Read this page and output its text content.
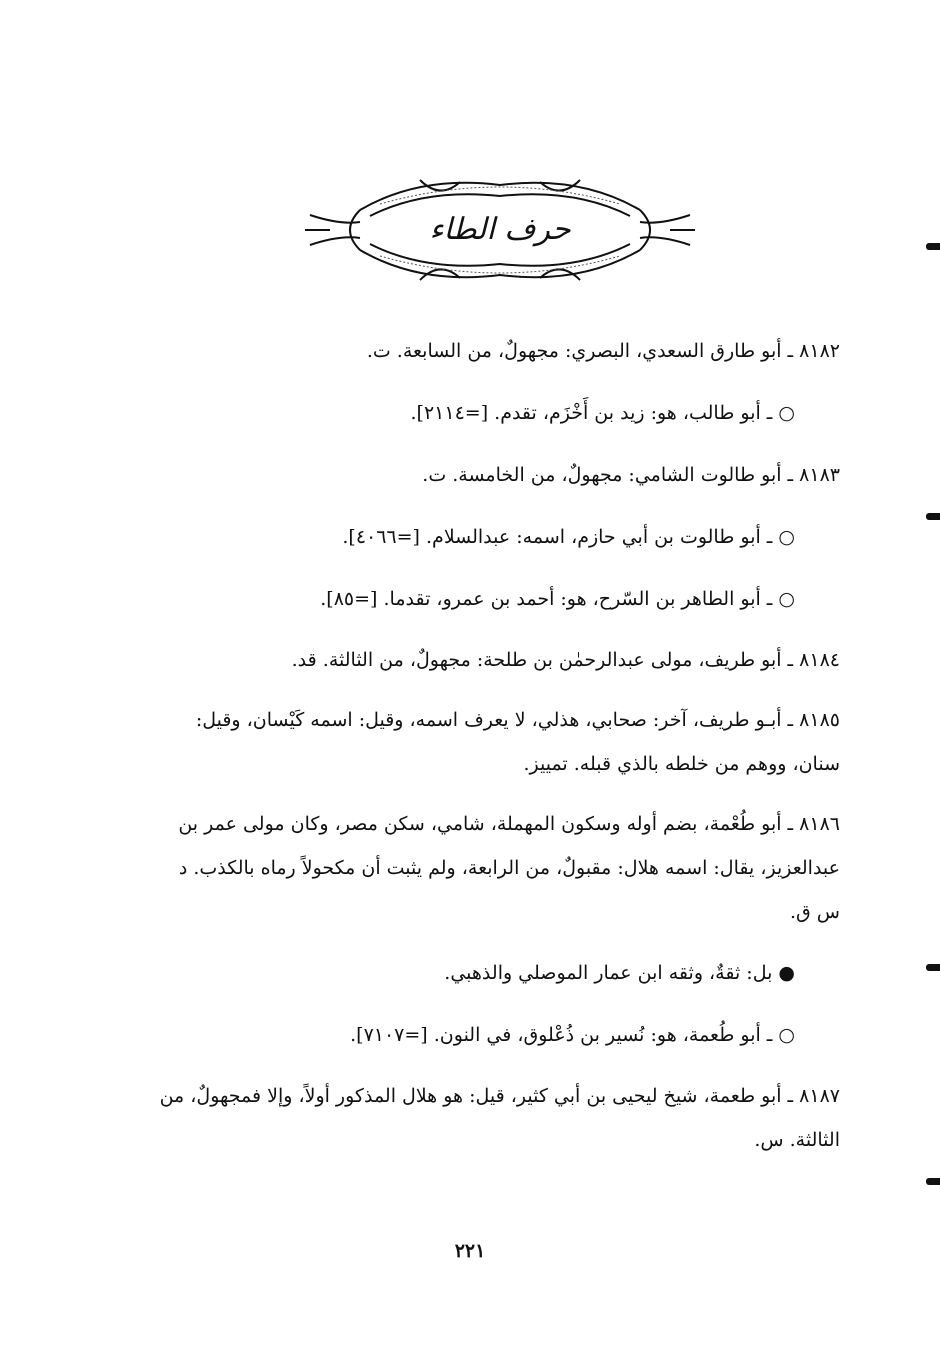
حرف الطاء

٨١٨٢ ـ أبو طارق السعدي، البصري: مجهولٌ، من السابعة. ت.

○ ـ أبو طالب، هو: زيد بن أَخْزَم، تقدم. [=٢١١٤].

٨١٨٣ ـ أبو طالوت الشامي: مجهولٌ، من الخامسة. ت.

○ ـ أبو طالوت بن أبي حازم، اسمه: عبدالسلام. [=٤٠٦٦].

○ ـ أبو الطاهر بن السّرح، هو: أحمد بن عمرو، تقدما. [=٨٥].

٨١٨٤ ـ أبو طريف، مولى عبدالرحمٰن بن طلحة: مجهولٌ، من الثالثة. قد.

٨١٨٥ ـ أبـو طريف، آخر: صحابي، هذلي، لا يعرف اسمه، وقيل: اسمه كَيْسان، وقيل: سنان، ووهم من خلطه بالذي قبله. تمييز.

٨١٨٦ ـ أبو طُعْمة، بضم أوله وسكون المهملة، شامي، سكن مصر، وكان مولى عمر بن عبدالعزيز، يقال: اسمه هلال: مقبولٌ، من الرابعة، ولم يثبت أن مكحولاً رماه بالكذب. د س ق.

● بل: ثقةٌ، وثقه ابن عمار الموصلي والذهبي.

○ ـ أبو طُعمة، هو: نُسير بن ذُعْلوق، في النون. [=٧١٠٧].

٨١٨٧ ـ أبو طعمة، شيخ ليحيى بن أبي كثير، قيل: هو هلال المذكور أولاً، وإلا فمجهولٌ، من الثالثة. س.

٢٢١
